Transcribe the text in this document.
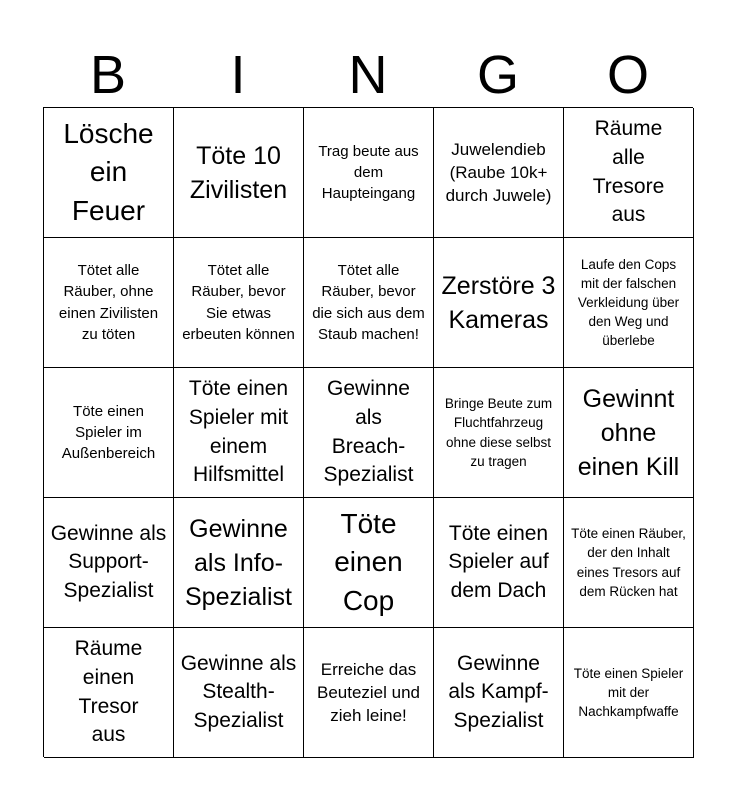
B	I	N	G	O
Lösche ein Feuer
Töte 10 Zivilisten
Trag beute aus dem Haupteingang
Juwelendieb (Raube 10k+ durch Juwele)
Räume alle Tresore aus
Tötet alle Räuber, ohne einen Zivilisten zu töten
Tötet alle Räuber, bevor Sie etwas erbeuten können
Tötet alle Räuber, bevor die sich aus dem Staub machen!
Zerstöre 3 Kameras
Laufe den Cops mit der falschen Verkleidung über den Weg und überlebe
Töte einen Spieler im Außenbereich
Töte einen Spieler mit einem Hilfsmittel
Gewinne als Breach-Spezialist
Bringe Beute zum Fluchtfahrzeug ohne diese selbst zu tragen
Gewinnt ohne einen Kill
Gewinne als Support-Spezialist
Gewinne als Info-Spezialist
Töte einen Cop
Töte einen Spieler auf dem Dach
Töte einen Räuber, der den Inhalt eines Tresors auf dem Rücken hat
Räume einen Tresor aus
Gewinne als Stealth-Spezialist
Erreiche das Beuteziel und zieh leine!
Gewinne als Kampf-Spezialist
Töte einen Spieler mit der Nachkampfwaffe
